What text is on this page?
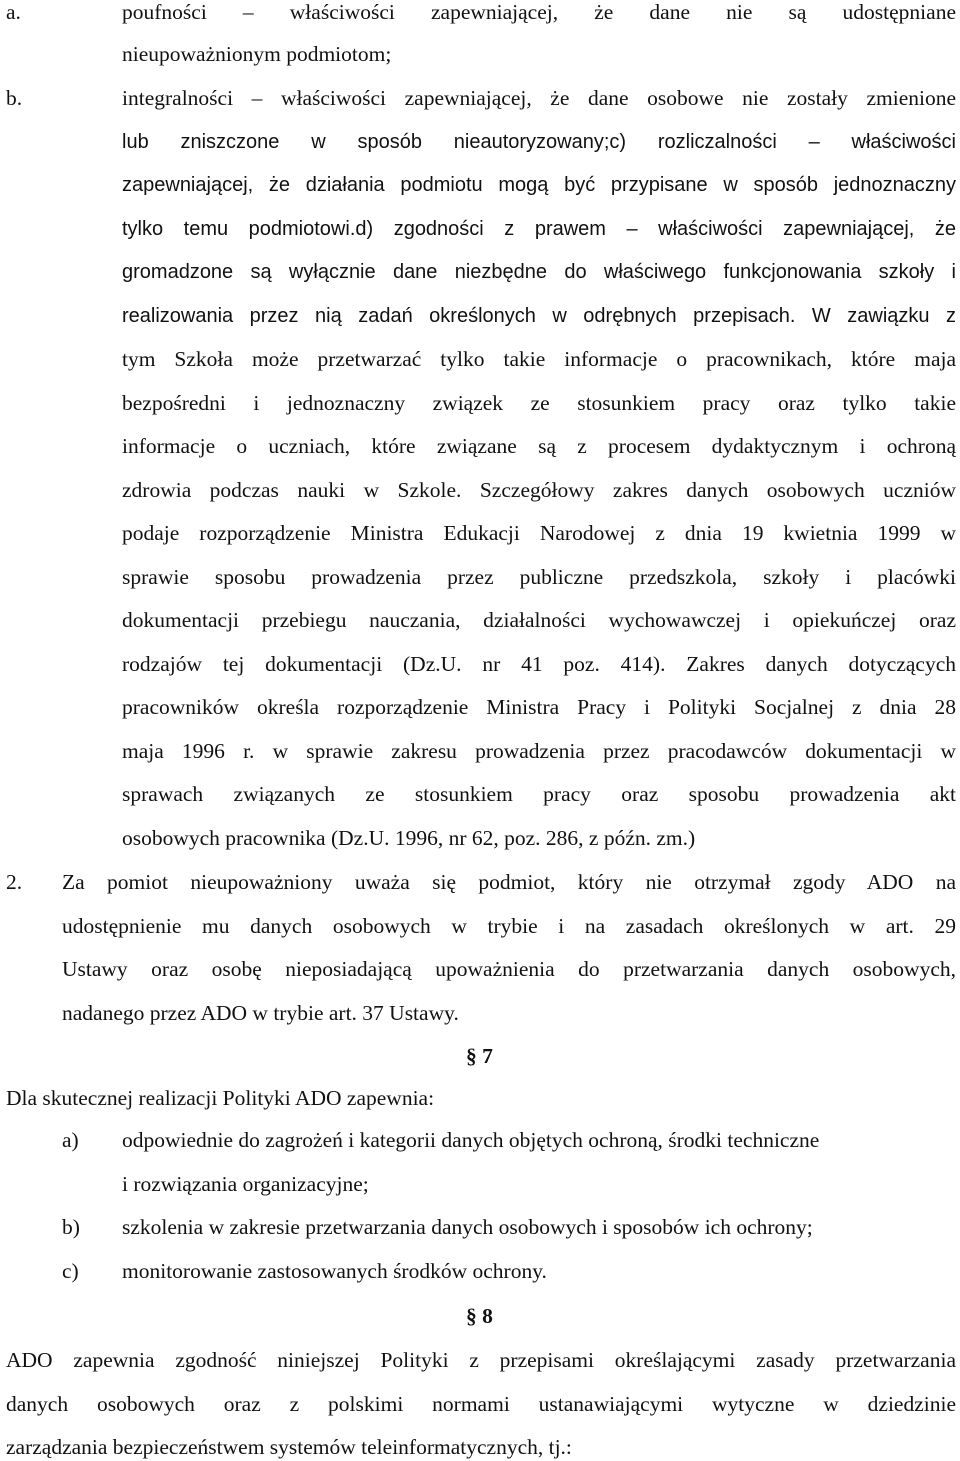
a.	poufności – właściwości zapewniającej, że dane nie są udostępniane
nieupoważnionym podmiotom;
b.	integralności – właściwości zapewniającej, że dane osobowe nie zostały zmienione
lub zniszczone w sposób nieautoryzowany;c) rozliczalności – właściwości
zapewniającej, że działania podmiotu mogą być przypisane w sposób jednoznaczny
tylko temu podmiotowi.d) zgodności z prawem – właściwości zapewniającej, że
gromadzone są wyłącznie dane niezbędne do właściwego funkcjonowania szkoły i
realizowania przez nią zadań określonych w odrębnych przepisach. W zawiązku z
tym Szkoła może przetwarzać tylko takie informacje o pracownikach, które maja
bezpośredni i jednoznaczny związek ze stosunkiem pracy oraz tylko takie
informacje o uczniach, które związane są z procesem dydaktycznym i ochroną
zdrowia podczas nauki w Szkole. Szczegółowy zakres danych osobowych uczniów
podaje rozporządzenie Ministra Edukacji Narodowej z dnia 19 kwietnia 1999 w
sprawie sposobu prowadzenia przez publiczne przedszkola, szkoły i placówki
dokumentacji przebiegu nauczania, działalności wychowawczej i opiekuńczej oraz
rodzajów tej dokumentacji (Dz.U. nr 41 poz. 414). Zakres danych dotyczących
pracowników określa rozporządzenie Ministra Pracy i Polityki Socjalnej z dnia 28
maja 1996 r. w sprawie zakresu prowadzenia przez pracodawców dokumentacji w
sprawach związanych ze stosunkiem pracy oraz sposobu prowadzenia akt
osobowych pracownika (Dz.U. 1996, nr 62, poz. 286, z późn. zm.)
2. Za pomiot nieupoważniony uważa się podmiot, który nie otrzymał zgody ADO na
udostępnienie mu danych osobowych w trybie i na zasadach określonych w art. 29
Ustawy oraz osobę nieposiadającą upoważnienia do przetwarzania danych osobowych,
nadanego przez ADO w trybie art. 37 Ustawy.
§ 7
Dla skutecznej realizacji Polityki ADO zapewnia:
a) odpowiednie do zagrożeń i kategorii danych objętych ochroną, środki techniczne
i rozwiązania organizacyjne;
b) szkolenia w zakresie przetwarzania danych osobowych i sposobów ich ochrony;
c) monitorowanie zastosowanych środków ochrony.
§ 8
ADO zapewnia zgodność niniejszej Polityki z przepisami określającymi zasady przetwarzania
danych osobowych oraz z polskimi normami ustanawiającymi wytyczne w dziedzinie
zarządzania bezpieczeństwem systemów teleinformatycznych, tj.:
